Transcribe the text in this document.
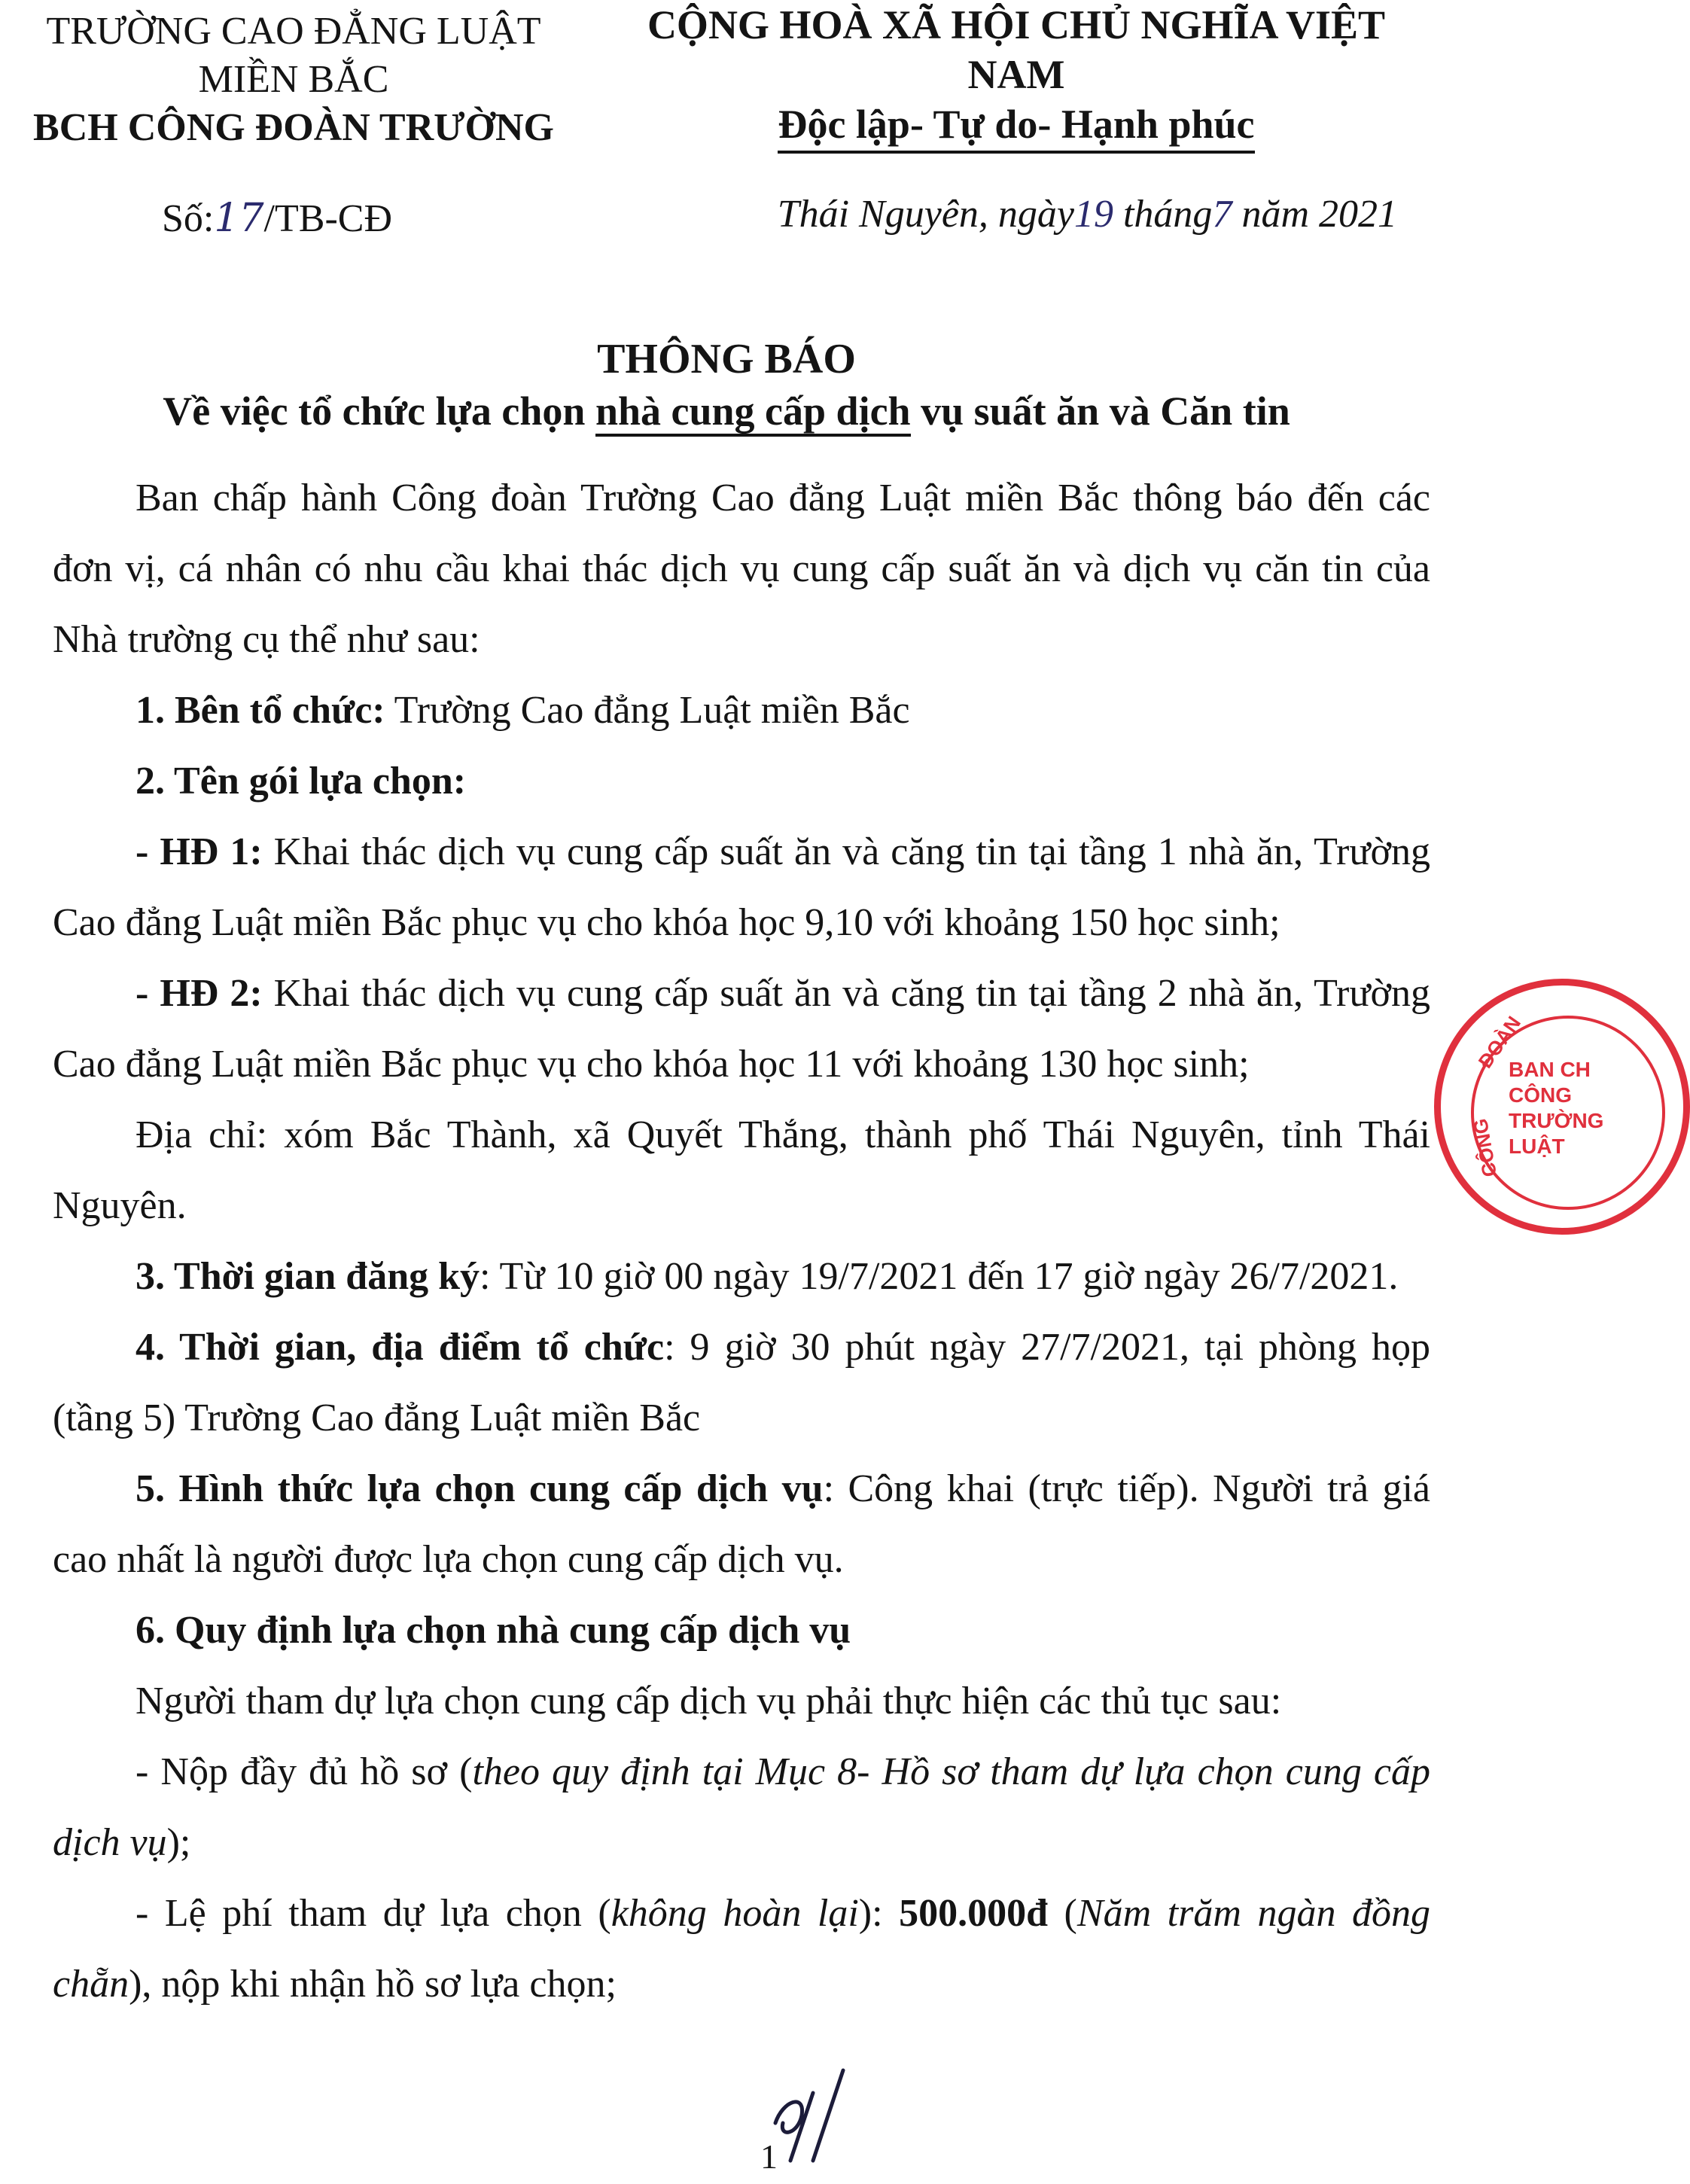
TRƯỜNG CAO ĐẲNG LUẬT
MIỀN BẮC
BCH CÔNG ĐOÀN TRƯỜNG
CỘNG HOÀ XÃ HỘI CHỦ NGHĨA VIỆT NAM
Độc lập- Tự do- Hạnh phúc
Số:17/TB-CĐ	Thái Nguyên, ngày19 tháng7 năm 2021
THÔNG BÁO
Về việc tổ chức lựa chọn nhà cung cấp dịch vụ suất ăn và Căn tin

Ban chấp hành Công đoàn Trường Cao đẳng Luật miền Bắc thông báo đến các đơn vị, cá nhân có nhu cầu khai thác dịch vụ cung cấp suất ăn và dịch vụ căn tin của Nhà trường cụ thể như sau:

1. Bên tổ chức: Trường Cao đẳng Luật miền Bắc

2. Tên gói lựa chọn:

- HĐ 1: Khai thác dịch vụ cung cấp suất ăn và căng tin tại tầng 1 nhà ăn, Trường Cao đẳng Luật miền Bắc phục vụ cho khóa học 9,10 với khoảng 150 học sinh;

- HĐ 2: Khai thác dịch vụ cung cấp suất ăn và căng tin tại tầng 2 nhà ăn, Trường Cao đẳng Luật miền Bắc phục vụ cho khóa học 11 với khoảng 130 học sinh;

Địa chỉ: xóm Bắc Thành, xã Quyết Thắng, thành phố Thái Nguyên, tỉnh Thái Nguyên.

3. Thời gian đăng ký: Từ 10 giờ 00 ngày 19/7/2021 đến 17 giờ ngày 26/7/2021.

4. Thời gian, địa điểm tổ chức: 9 giờ 30 phút ngày 27/7/2021, tại phòng họp (tầng 5) Trường Cao đẳng Luật miền Bắc

5. Hình thức lựa chọn cung cấp dịch vụ: Công khai (trực tiếp). Người trả giá cao nhất là người được lựa chọn cung cấp dịch vụ.

6. Quy định lựa chọn nhà cung cấp dịch vụ

Người tham dự lựa chọn cung cấp dịch vụ phải thực hiện các thủ tục sau:

- Nộp đầy đủ hồ sơ (theo quy định tại Mục 8- Hồ sơ tham dự lựa chọn cung cấp dịch vụ);

- Lệ phí tham dự lựa chọn (không hoàn lại): 500.000đ (Năm trăm ngàn đồng chẵn), nộp khi nhận hồ sơ lựa chọn;

ĐOÀN
CÔNG
BAN CH
CÔNG
TRƯỜNG
LUẬT
1
